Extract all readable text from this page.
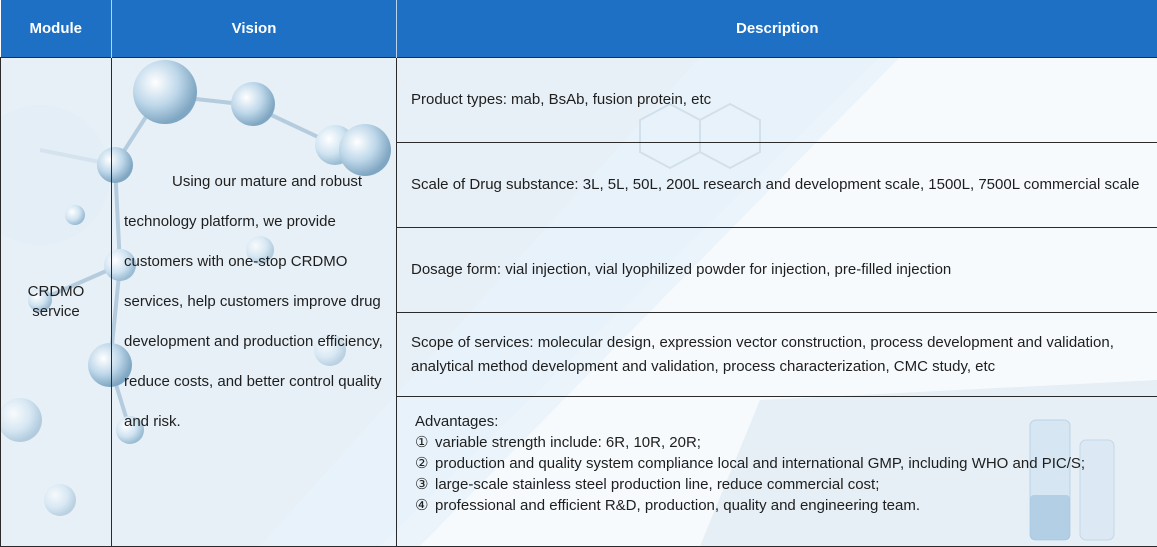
Module	Vision	Description
CRDMO
service	Using our mature and robust technology platform, we provide customers with one-stop CRDMO services, help customers improve drug development and production efficiency, reduce costs, and better control quality and risk.	Product types: mab, BsAb, fusion protein, etc
		Scale of Drug substance: 3L, 5L, 50L, 200L research and development scale, 1500L, 7500L commercial scale
		Dosage form: vial injection, vial lyophilized powder for injection, pre-filled injection
		Scope of services: molecular design, expression vector construction, process development and validation, analytical method development and validation, process characterization, CMC study, etc

		Advantages:
① variable strength include: 6R, 10R, 20R;
② production and quality system compliance local and international GMP, including WHO and PIC/S;
③ large-scale stainless steel production line, reduce commercial cost;
④ professional and efficient R&D, production, quality and engineering team.
